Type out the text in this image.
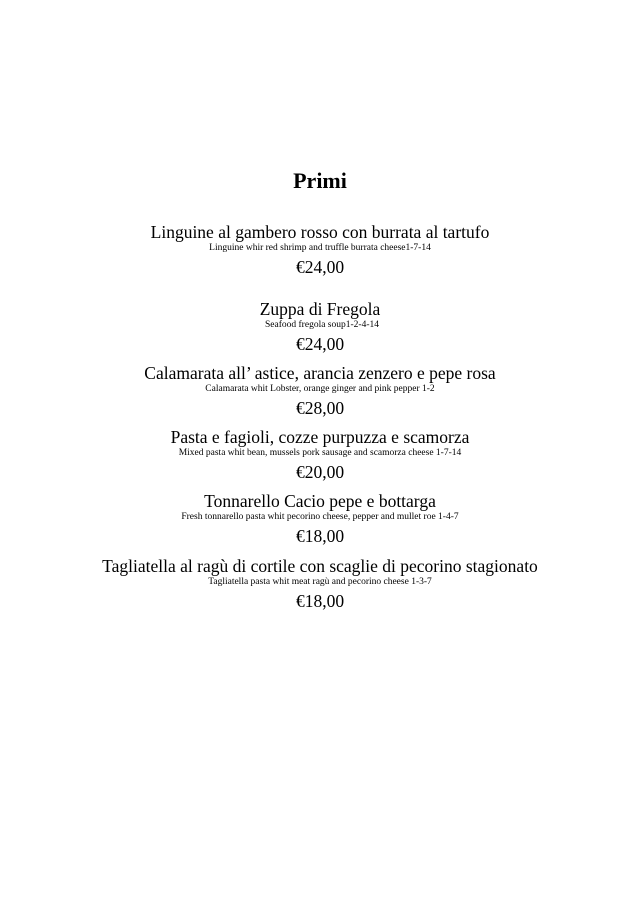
Primi
Linguine al gambero rosso con burrata al tartufo
Linguine whir red shrimp and truffle burrata cheese1-7-14
€24,00
Zuppa di Fregola
Seafood fregola soup1-2-4-14
€24,00
Calamarata all’ astice, arancia zenzero e pepe rosa
Calamarata whit Lobster, orange ginger and pink pepper 1-2
€28,00
Pasta e fagioli, cozze purpuzza e scamorza
Mixed pasta whit bean, mussels pork sausage and scamorza cheese 1-7-14
€20,00
Tonnarello Cacio pepe e bottarga
Fresh tonnarello pasta whit pecorino cheese, pepper and mullet roe 1-4-7
€18,00
Tagliatella al ragù di cortile con scaglie di pecorino stagionato
Tagliatella pasta whit meat ragù and pecorino cheese 1-3-7
€18,00
